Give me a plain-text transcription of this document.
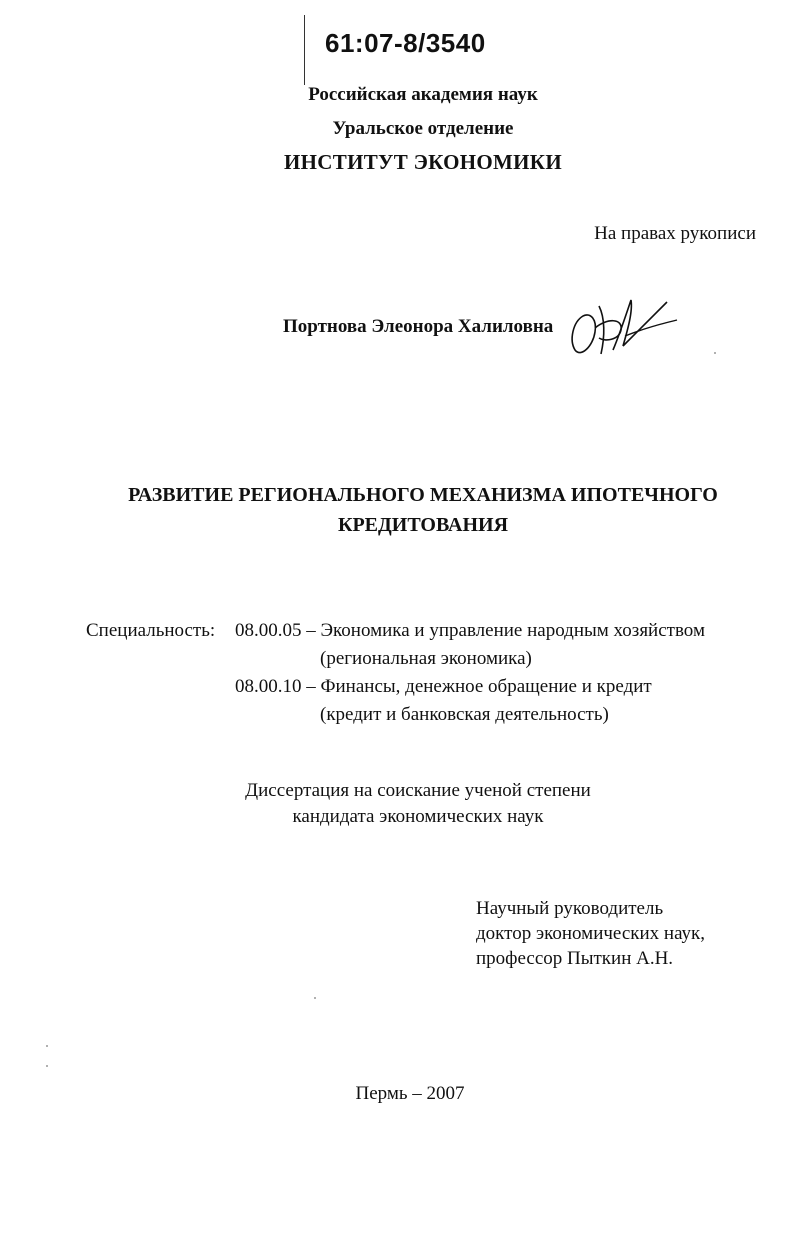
61:07-8/3540
Российская академия наук
Уральское отделение
ИНСТИТУТ ЭКОНОМИКИ
На правах рукописи
Портнова Элеонора Халиловна
РАЗВИТИЕ РЕГИОНАЛЬНОГО МЕХАНИЗМА ИПОТЕЧНОГО
КРЕДИТОВАНИЯ
Специальность: 08.00.05 – Экономика и управление народным хозяйством
(региональная экономика)
08.00.10 – Финансы, денежное обращение и кредит
(кредит и банковская деятельность)
Диссертация на соискание ученой степени
кандидата экономических наук
Научный руководитель
доктор экономических наук,
профессор Пыткин А.Н.
Пермь – 2007
